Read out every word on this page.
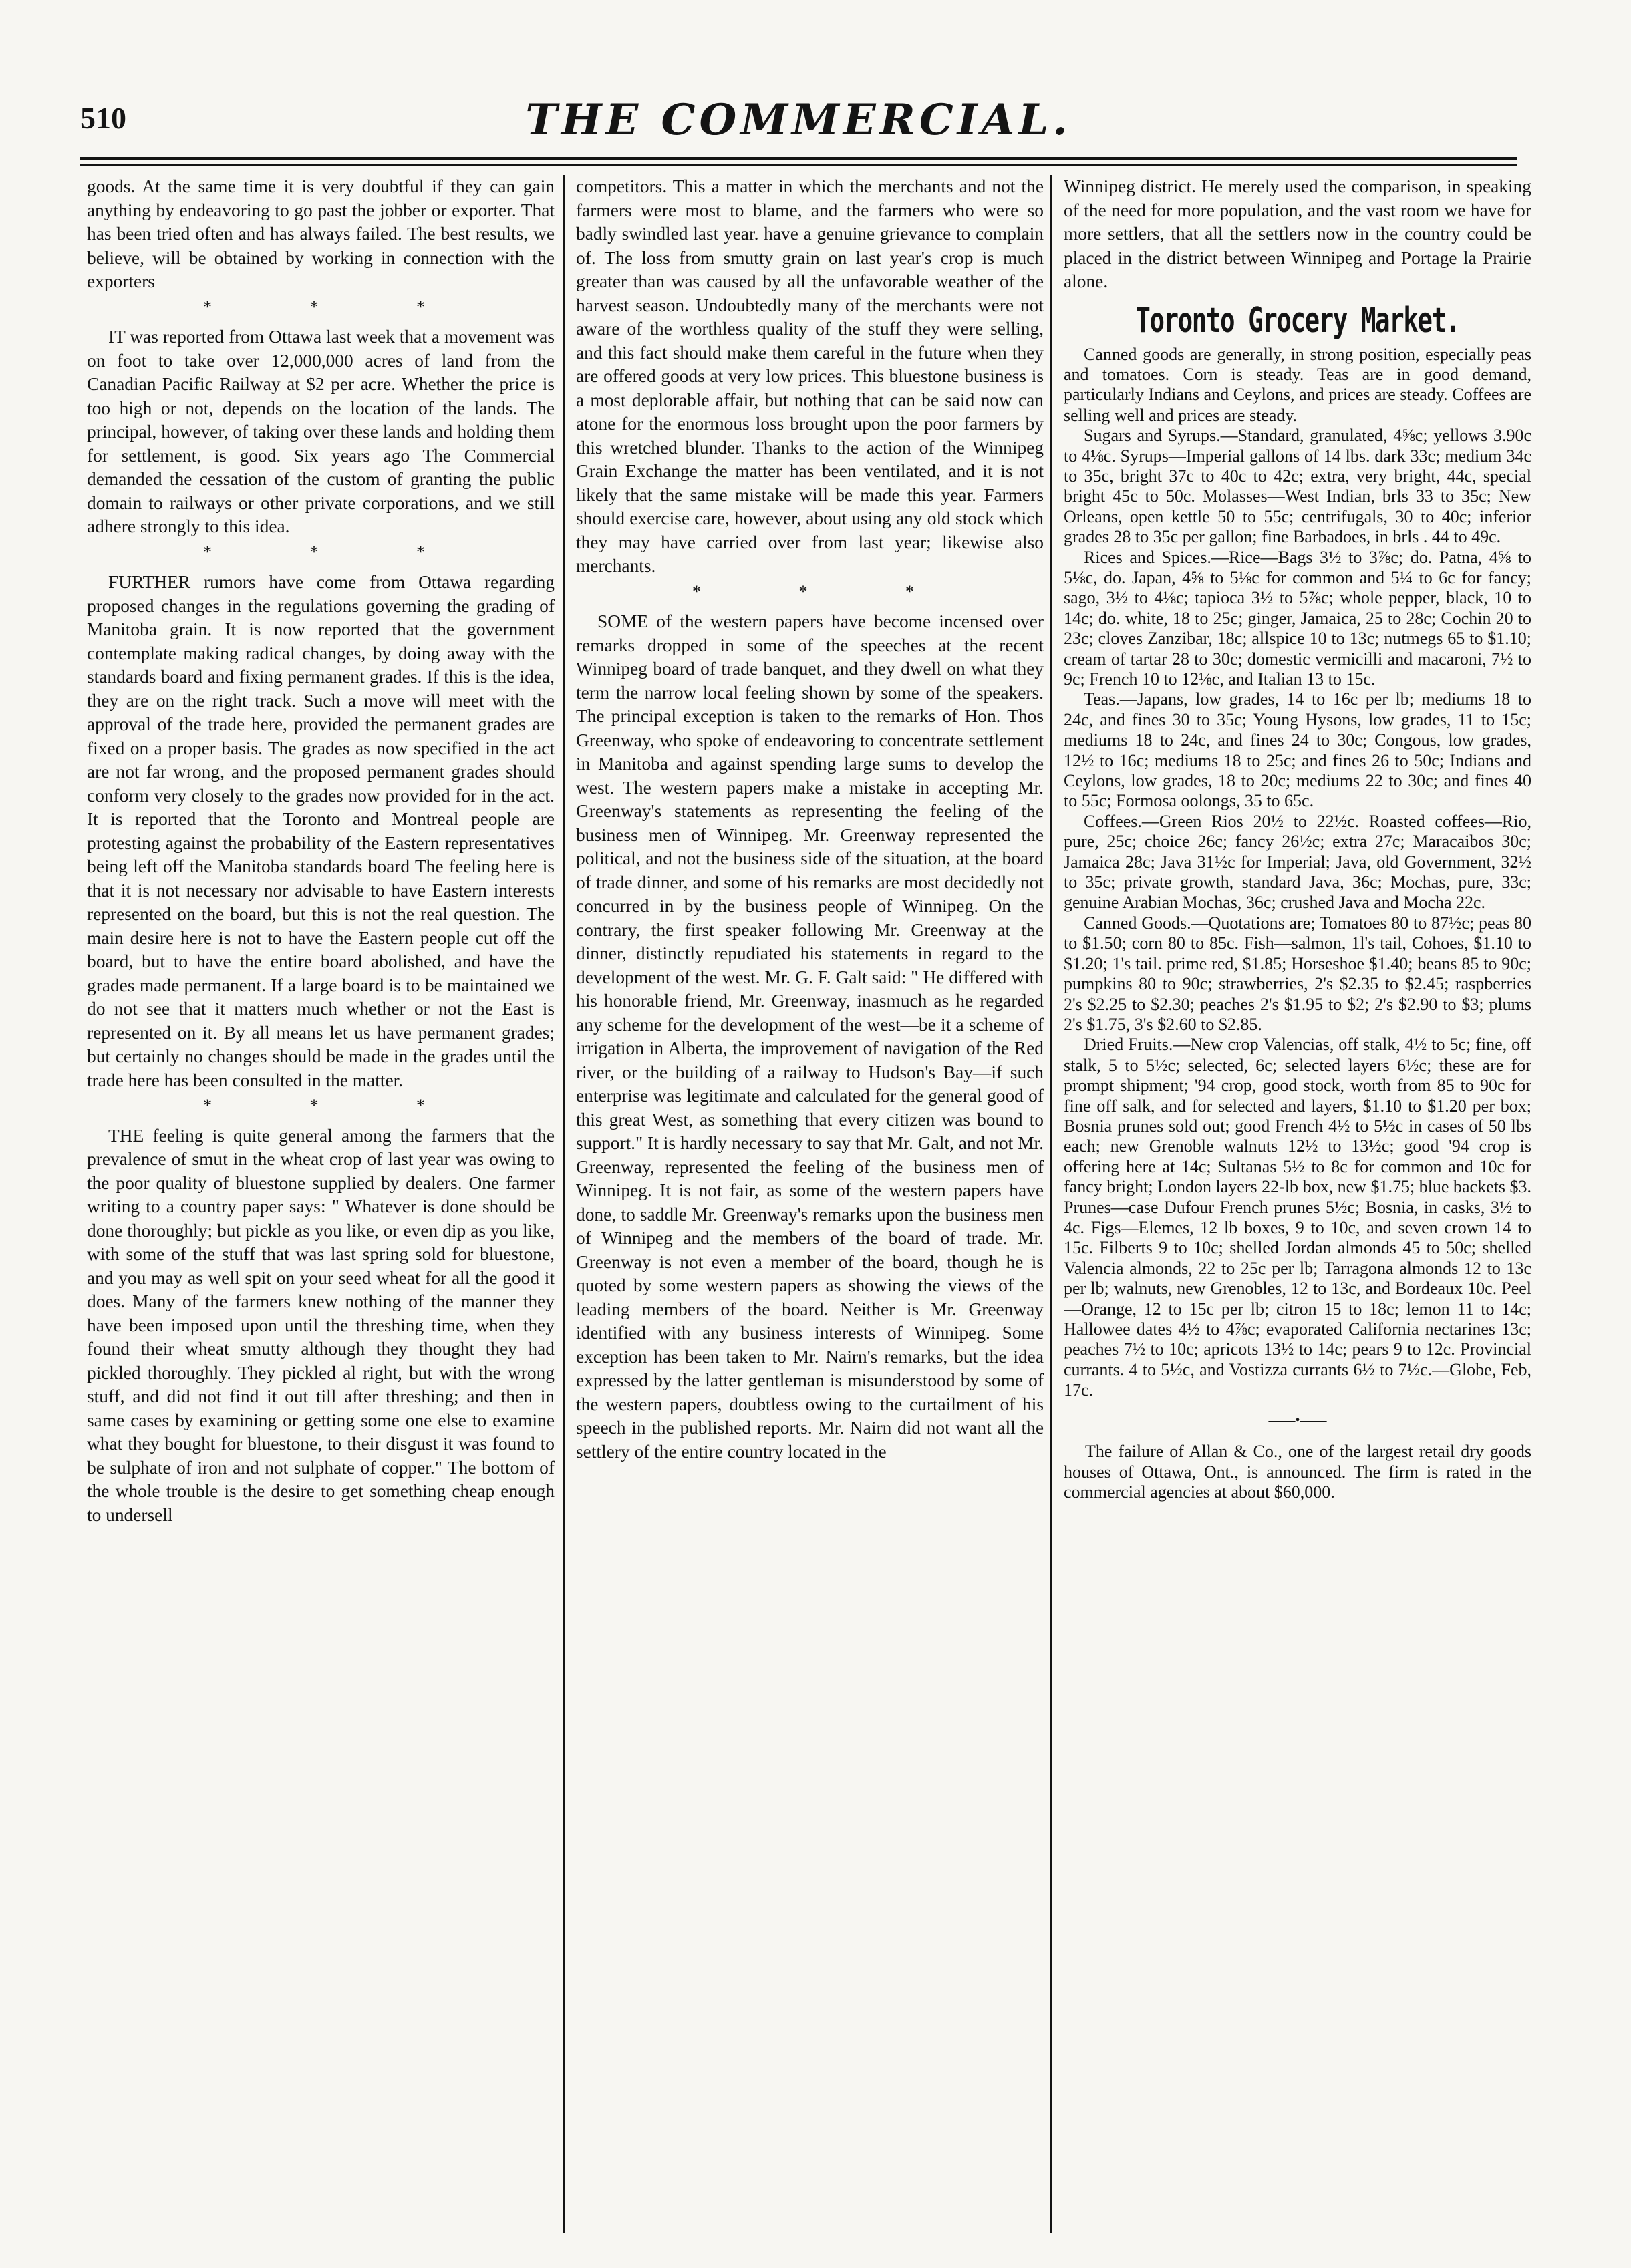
510	THE COMMERCIAL.

goods. At the same time it is very doubtful if they can gain anything by endeavoring to go past the jobber or exporter. That has been tried often and has always failed. The best results, we believe, will be obtained by working in connection with the exporters

* * *

IT was reported from Ottawa last week that a movement was on foot to take over 12,000,000 acres of land from the Canadian Pacific Railway at $2 per acre. Whether the price is too high or not, depends on the location of the lands. The principal, however, of taking over these lands and holding them for settlement, is good. Six years ago The Commercial demanded the cessation of the custom of granting the public domain to railways or other private corporations, and we still adhere strongly to this idea.

* * *

FURTHER rumors have come from Ottawa regarding proposed changes in the regulations governing the grading of Manitoba grain. It is now reported that the government contemplate making radical changes, by doing away with the standards board and fixing permanent grades. If this is the idea, they are on the right track. Such a move will meet with the approval of the trade here, provided the permanent grades are fixed on a proper basis. The grades as now specified in the act are not far wrong, and the proposed permanent grades should conform very closely to the grades now provided for in the act. It is reported that the Toronto and Montreal people are protesting against the probability of the Eastern representatives being left off the Manitoba standards board The feeling here is that it is not necessary nor advisable to have Eastern interests represented on the board, but this is not the real question. The main desire here is not to have the Eastern people cut off the board, but to have the entire board abolished, and have the grades made permanent. If a large board is to be maintained we do not see that it matters much whether or not the East is represented on it. By all means let us have permanent grades; but certainly no changes should be made in the grades until the trade here has been consulted in the matter.

* * *

THE feeling is quite general among the farmers that the prevalence of smut in the wheat crop of last year was owing to the poor quality of bluestone supplied by dealers. One farmer writing to a country paper says: " Whatever is done should be done thoroughly; but pickle as you like, or even dip as you like, with some of the stuff that was last spring sold for bluestone, and you may as well spit on your seed wheat for all the good it does. Many of the farmers knew nothing of the manner they have been imposed upon until the threshing time, when they found their wheat smutty although they thought they had pickled thoroughly. They pickled al right, but with the wrong stuff, and did not find it out till after threshing; and then in same cases by examining or getting some one else to examine what they bought for bluestone, to their disgust it was found to be sulphate of iron and not sulphate of copper." The bottom of the whole trouble is the desire to get something cheap enough to undersell

competitors. This a matter in which the merchants and not the farmers were most to blame, and the farmers who were so badly swindled last year. have a genuine grievance to complain of. The loss from smutty grain on last year's crop is much greater than was caused by all the unfavorable weather of the harvest season. Undoubtedly many of the merchants were not aware of the worthless quality of the stuff they were selling, and this fact should make them careful in the future when they are offered goods at very low prices. This bluestone business is a most deplorable affair, but nothing that can be said now can atone for the enormous loss brought upon the poor farmers by this wretched blunder. Thanks to the action of the Winnipeg Grain Exchange the matter has been ventilated, and it is not likely that the same mistake will be made this year. Farmers should exercise care, however, about using any old stock which they may have carried over from last year; likewise also merchants.

* * *

SOME of the western papers have become incensed over remarks dropped in some of the speeches at the recent Winnipeg board of trade banquet, and they dwell on what they term the narrow local feeling shown by some of the speakers. The principal exception is taken to the remarks of Hon. Thos Greenway, who spoke of endeavoring to concentrate settlement in Manitoba and against spending large sums to develop the west. The western papers make a mistake in accepting Mr. Greenway's statements as representing the feeling of the business men of Winnipeg. Mr. Greenway represented the political, and not the business side of the situation, at the board of trade dinner, and some of his remarks are most decidedly not concurred in by the business people of Winnipeg. On the contrary, the first speaker following Mr. Greenway at the dinner, distinctly repudiated his statements in regard to the development of the west. Mr. G. F. Galt said: " He differed with his honorable friend, Mr. Greenway, inasmuch as he regarded any scheme for the development of the west—be it a scheme of irrigation in Alberta, the improvement of navigation of the Red river, or the building of a railway to Hudson's Bay—if such enterprise was legitimate and calculated for the general good of this great West, as something that every citizen was bound to support." It is hardly necessary to say that Mr. Galt, and not Mr. Greenway, represented the feeling of the business men of Winnipeg. It is not fair, as some of the western papers have done, to saddle Mr. Greenway's remarks upon the business men of Winnipeg and the members of the board of trade. Mr. Greenway is not even a member of the board, though he is quoted by some western papers as showing the views of the leading members of the board. Neither is Mr. Greenway identified with any business interests of Winnipeg. Some exception has been taken to Mr. Nairn's remarks, but the idea expressed by the latter gentleman is misunderstood by some of the western papers, doubtless owing to the curtailment of his speech in the published reports. Mr. Nairn did not want all the settlery of the entire country located in the

Winnipeg district. He merely used the comparison, in speaking of the need for more population, and the vast room we have for more settlers, that all the settlers now in the country could be placed in the district between Winnipeg and Portage la Prairie alone.

Toronto Grocery Market.

Canned goods are generally, in strong position, especially peas and tomatoes. Corn is steady. Teas are in good demand, particularly Indians and Ceylons, and prices are steady. Coffees are selling well and prices are steady.

Sugars and Syrups.—Standard, granulated, 4⅝c; yellows 3.90c to 4⅛c. Syrups—Imperial gallons of 14 lbs. dark 33c; medium 34c to 35c, bright 37c to 40c to 42c; extra, very bright, 44c, special bright 45c to 50c. Molasses—West Indian, brls 33 to 35c; New Orleans, open kettle 50 to 55c; centrifugals, 30 to 40c; inferior grades 28 to 35c per gallon; fine Barbadoes, in brls . 44 to 49c.

Rices and Spices.—Rice—Bags 3½ to 3⅞c; do. Patna, 4⅝ to 5⅛c, do. Japan, 4⅝ to 5⅛c for common and 5¼ to 6c for fancy; sago, 3½ to 4⅛c; tapioca 3½ to 5⅞c; whole pepper, black, 10 to 14c; do. white, 18 to 25c; ginger, Jamaica, 25 to 28c; Cochin 20 to 23c; cloves Zanzibar, 18c; allspice 10 to 13c; nutmegs 65 to $1.10; cream of tartar 28 to 30c; domestic vermicilli and macaroni, 7½ to 9c; French 10 to 12⅛c, and Italian 13 to 15c.

Teas.—Japans, low grades, 14 to 16c per lb; mediums 18 to 24c, and fines 30 to 35c; Young Hysons, low grades, 11 to 15c; mediums 18 to 24c, and fines 24 to 30c; Congous, low grades, 12½ to 16c; mediums 18 to 25c; and fines 26 to 50c; Indians and Ceylons, low grades, 18 to 20c; mediums 22 to 30c; and fines 40 to 55c; Formosa oolongs, 35 to 65c.

Coffees.—Green Rios 20½ to 22½c. Roasted coffees—Rio, pure, 25c; choice 26c; fancy 26½c; extra 27c; Maracaibos 30c; Jamaica 28c; Java 31½c for Imperial; Java, old Government, 32½ to 35c; private growth, standard Java, 36c; Mochas, pure, 33c; genuine Arabian Mochas, 36c; crushed Java and Mocha 22c.

Canned Goods.—Quotations are; Tomatoes 80 to 87½c; peas 80 to $1.50; corn 80 to 85c. Fish—salmon, 1l's tail, Cohoes, $1.10 to $1.20; 1's tail. prime red, $1.85; Horseshoe $1.40; beans 85 to 90c; pumpkins 80 to 90c; strawberries, 2's $2.35 to $2.45; raspberries 2's $2.25 to $2.30; peaches 2's $1.95 to $2; 2's $2.90 to $3; plums 2's $1.75, 3's $2.60 to $2.85.

Dried Fruits.—New crop Valencias, off stalk, 4½ to 5c; fine, off stalk, 5 to 5½c; selected, 6c; selected layers 6½c; these are for prompt shipment; '94 crop, good stock, worth from 85 to 90c for fine off salk, and for selected and layers, $1.10 to $1.20 per box; Bosnia prunes sold out; good French 4½ to 5½c in cases of 50 lbs each; new Grenoble walnuts 12½ to 13½c; good '94 crop is offering here at 14c; Sultanas 5½ to 8c for common and 10c for fancy bright; London layers 22-lb box, new $1.75; blue backets $3. Prunes—case Dufour French prunes 5½c; Bosnia, in casks, 3½ to 4c. Figs—Elemes, 12 lb boxes, 9 to 10c, and seven crown 14 to 15c. Filberts 9 to 10c; shelled Jordan almonds 45 to 50c; shelled Valencia almonds, 22 to 25c per lb; Tarragona almonds 12 to 13c per lb; walnuts, new Grenobles, 12 to 13c, and Bordeaux 10c. Peel—Orange, 12 to 15c per lb; citron 15 to 18c; lemon 11 to 14c; Hallowee dates 4½ to 4⅞c; evaporated California nectarines 13c; peaches 7½ to 10c; apricots 13½ to 14c; pears 9 to 12c. Provincial currants. 4 to 5½c, and Vostizza currants 6½ to 7½c.—Globe, Feb, 17c.

——•——

The failure of Allan & Co., one of the largest retail dry goods houses of Ottawa, Ont., is announced. The firm is rated in the commercial agencies at about $60,000.
